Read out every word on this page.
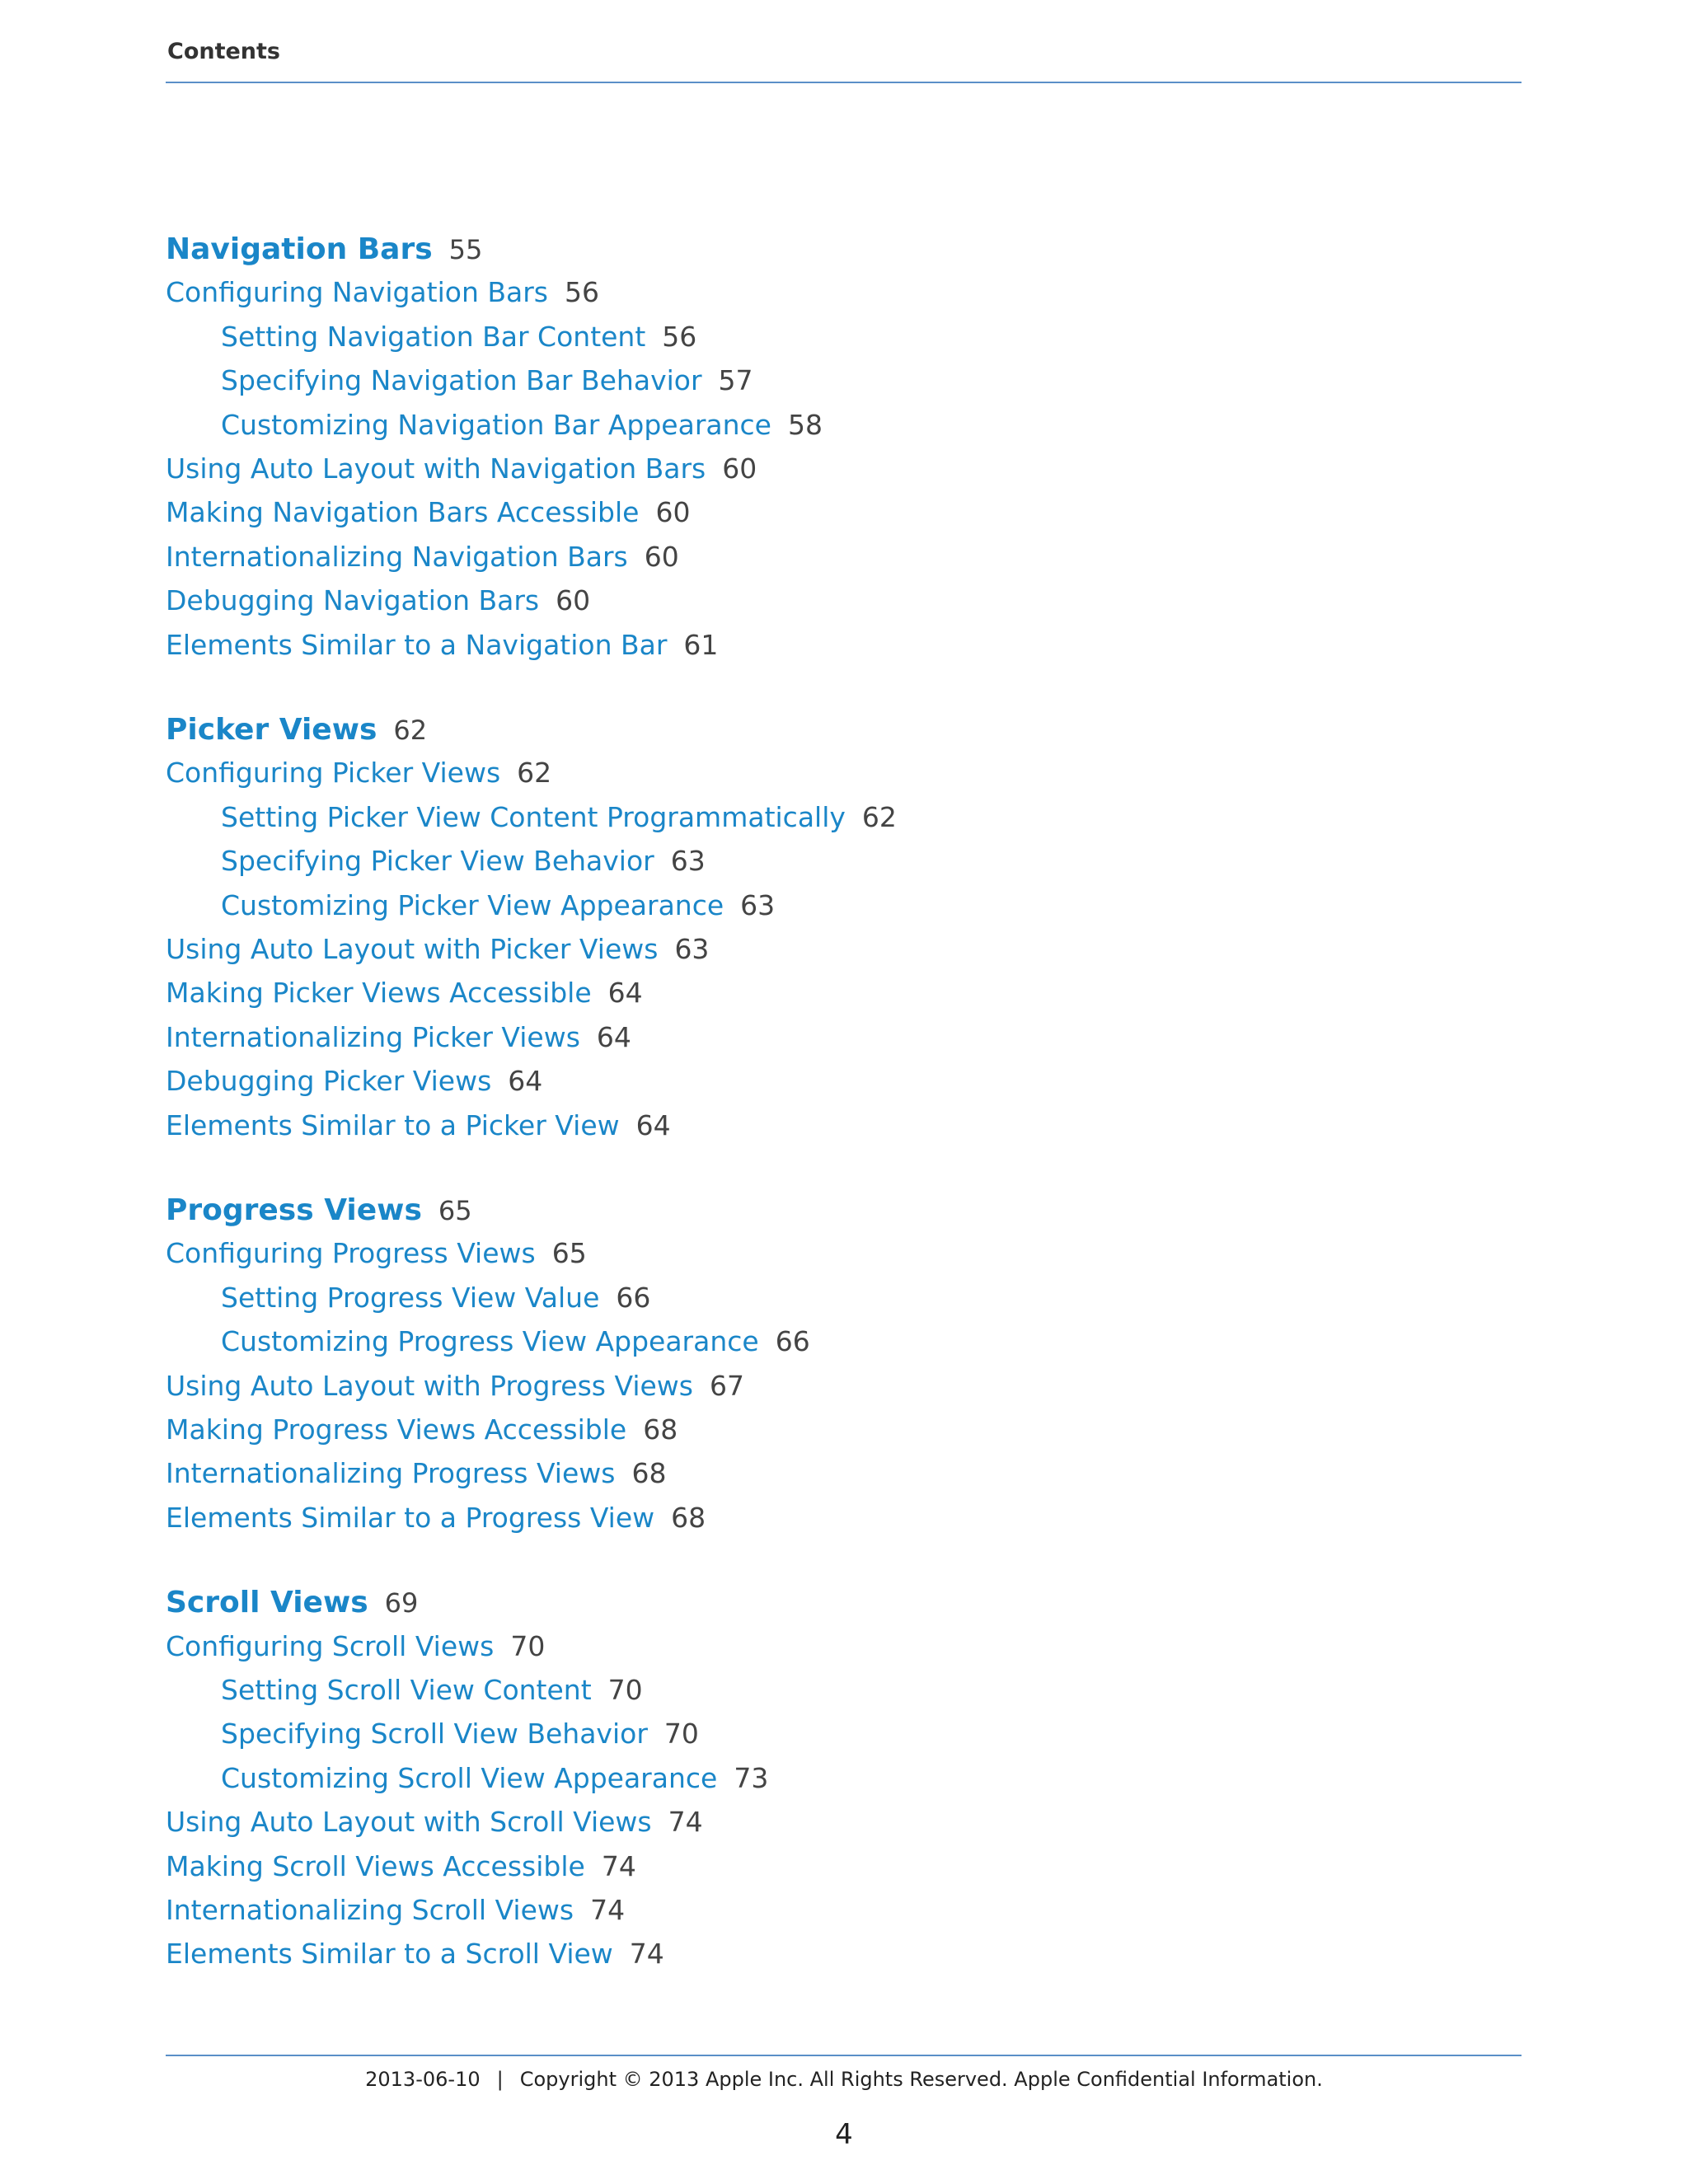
Contents
Navigation Bars 55
Configuring Navigation Bars 56
Setting Navigation Bar Content 56
Specifying Navigation Bar Behavior 57
Customizing Navigation Bar Appearance 58
Using Auto Layout with Navigation Bars 60
Making Navigation Bars Accessible 60
Internationalizing Navigation Bars 60
Debugging Navigation Bars 60
Elements Similar to a Navigation Bar 61
Picker Views 62
Configuring Picker Views 62
Setting Picker View Content Programmatically 62
Specifying Picker View Behavior 63
Customizing Picker View Appearance 63
Using Auto Layout with Picker Views 63
Making Picker Views Accessible 64
Internationalizing Picker Views 64
Debugging Picker Views 64
Elements Similar to a Picker View 64
Progress Views 65
Configuring Progress Views 65
Setting Progress View Value 66
Customizing Progress View Appearance 66
Using Auto Layout with Progress Views 67
Making Progress Views Accessible 68
Internationalizing Progress Views 68
Elements Similar to a Progress View 68
Scroll Views 69
Configuring Scroll Views 70
Setting Scroll View Content 70
Specifying Scroll View Behavior 70
Customizing Scroll View Appearance 73
Using Auto Layout with Scroll Views 74
Making Scroll Views Accessible 74
Internationalizing Scroll Views 74
Elements Similar to a Scroll View 74
2013-06-10 | Copyright © 2013 Apple Inc. All Rights Reserved. Apple Confidential Information.
4
